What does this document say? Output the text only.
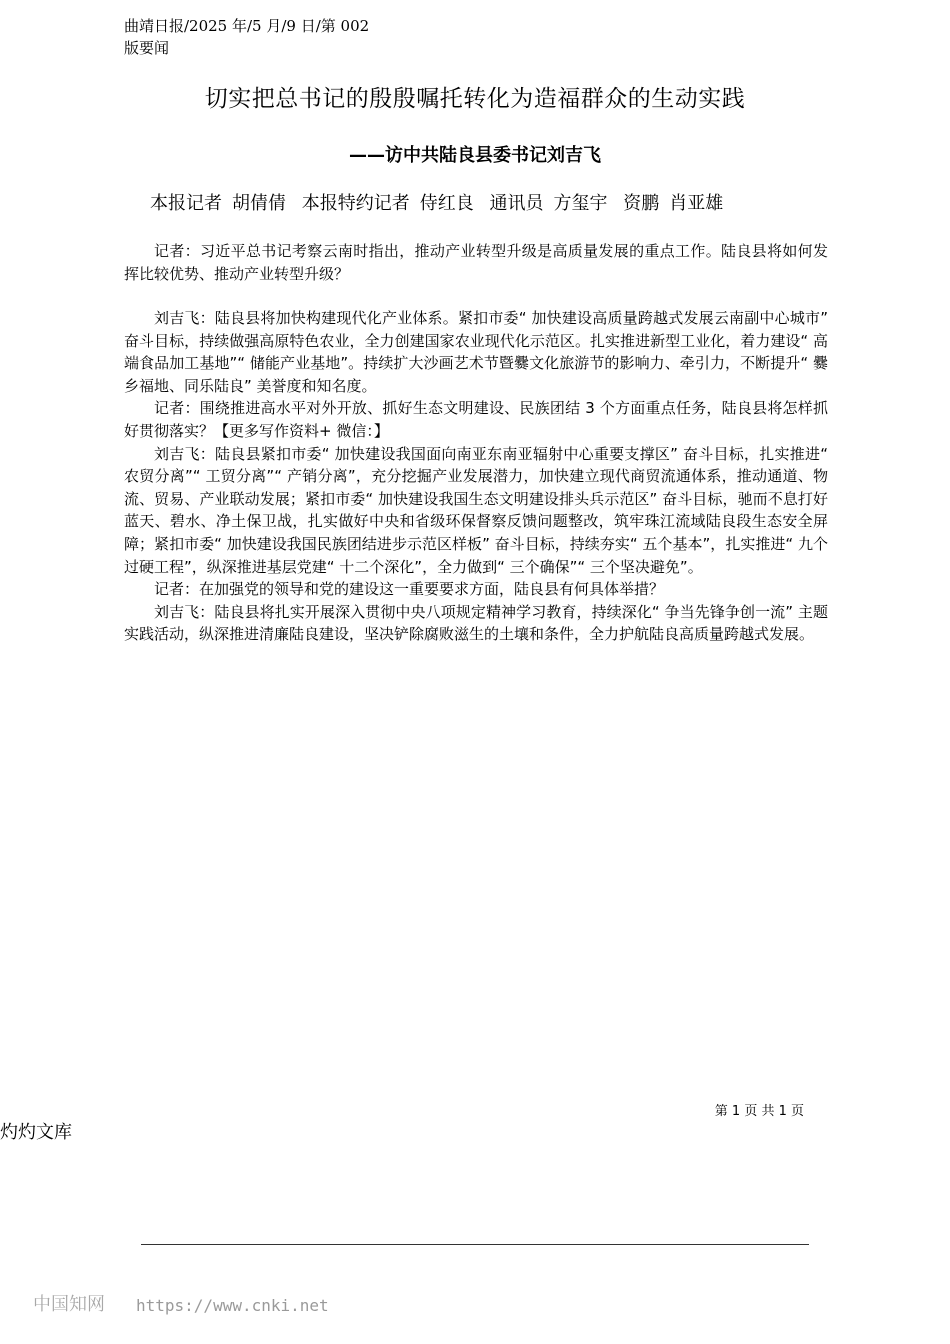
曲靖日报/2025 年/5 月/9 日/第 002
版要闻
切实把总书记的殷殷嘱托转化为造福群众的生动实践
——访中共陆良县委书记刘吉飞
本报记者 胡倩倩 本报特约记者 侍红良 通讯员 方玺宇 资鹏 肖亚雄

记者：习近平总书记考察云南时指出，推动产业转型升级是高质量发展的重点工作。陆良县将如何发挥比较优势、推动产业转型升级？

刘吉飞：陆良县将加快构建现代化产业体系。紧扣市委“ 加快建设高质量跨越式发展云南副中心城市” 奋斗目标，持续做强高原特色农业，全力创建国家农业现代化示范区。扎实推进新型工业化，着力建设“ 高端食品加工基地”“ 储能产业基地”。持续扩大沙画艺术节暨爨文化旅游节的影响力、牵引力，不断提升“ 爨乡福地、同乐陆良” 美誉度和知名度。

记者：围绕推进高水平对外开放、抓好生态文明建设、民族团结 3 个方面重点任务，陆良县将怎样抓好贯彻落实？【更多写作资料+ 微信：】

刘吉飞：陆良县紧扣市委“ 加快建设我国面向南亚东南亚辐射中心重要支撑区” 奋斗目标，扎实推进“ 农贸分离”“ 工贸分离”“ 产销分离”，充分挖掘产业发展潜力，加快建立现代商贸流通体系，推动通道、物流、贸易、产业联动发展；紧扣市委“ 加快建设我国生态文明建设排头兵示范区” 奋斗目标，驰而不息打好蓝天、碧水、净土保卫战，扎实做好中央和省级环保督察反馈问题整改，筑牢珠江流域陆良段生态安全屏障；紧扣市委“ 加快建设我国民族团结进步示范区样板” 奋斗目标，持续夯实“ 五个基本”，扎实推进“ 九个过硬工程”，纵深推进基层党建“ 十二个深化”，全力做到“ 三个确保”“ 三个坚决避免”。

记者：在加强党的领导和党的建设这一重要要求方面，陆良县有何具体举措？

刘吉飞：陆良县将扎实开展深入贯彻中央八项规定精神学习教育，持续深化“ 争当先锋争创一流” 主题实践活动，纵深推进清廉陆良建设，坚决铲除腐败滋生的土壤和条件，全力护航陆良高质量跨越式发展。

第 1 页 共 1 页
灼灼文库
中国知网 https://www.cnki.net
